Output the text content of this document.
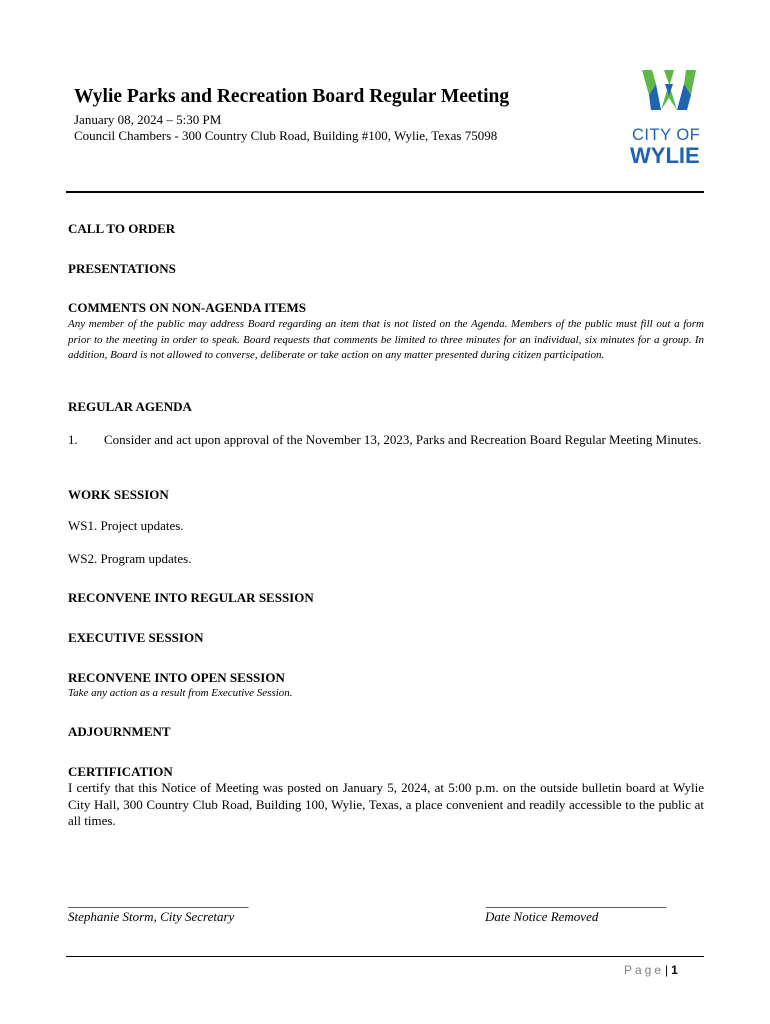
Wylie Parks and Recreation Board Regular Meeting
January 08, 2024 – 5:30 PM
Council Chambers - 300 Country Club Road, Building #100, Wylie, Texas 75098	CITY OF
WYLIE
CALL TO ORDER
PRESENTATIONS
COMMENTS ON NON-AGENDA ITEMS
Any member of the public may address Board regarding an item that is not listed on the Agenda. Members of the public must fill out a form prior to the meeting in order to speak. Board requests that comments be limited to three minutes for an individual, six minutes for a group. In addition, Board is not allowed to converse, deliberate or take action on any matter presented during citizen participation.
REGULAR AGENDA
1. Consider and act upon approval of the November 13, 2023, Parks and Recreation Board Regular Meeting Minutes.
WORK SESSION
WS1. Project updates.
WS2. Program updates.
RECONVENE INTO REGULAR SESSION
EXECUTIVE SESSION
RECONVENE INTO OPEN SESSION
Take any action as a result from Executive Session.
ADJOURNMENT
CERTIFICATION
I certify that this Notice of Meeting was posted on January 5, 2024, at 5:00 p.m. on the outside bulletin board at Wylie City Hall, 300 Country Club Road, Building 100, Wylie, Texas, a place convenient and readily accessible to the public at all times.
______________________________
Stephanie Storm, City Secretary
______________________________
Date Notice Removed
Page| 1
